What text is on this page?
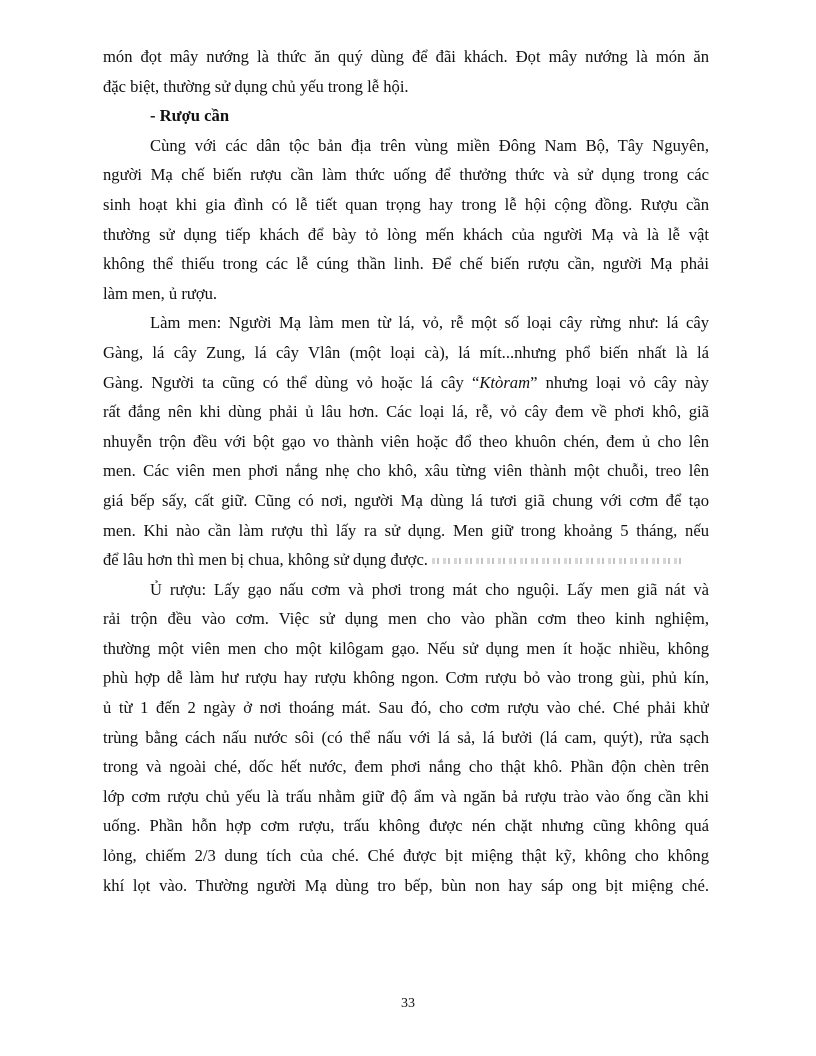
món đọt mây nướng là thức ăn quý dùng để đãi khách. Đọt mây nướng là món ăn
đặc biệt, thường sử dụng chủ yếu trong lễ hội.
- Rượu cần
Cùng với các dân tộc bản địa trên vùng miền Đông Nam Bộ, Tây Nguyên,
người Mạ chế biến rượu cần làm thức uống để thưởng thức và sử dụng trong các
sinh hoạt khi gia đình có lễ tiết quan trọng hay trong lễ hội cộng đồng. Rượu cần
thường sử dụng tiếp khách để bày tỏ lòng mến khách của người Mạ và là lễ vật
không thể thiếu trong các lễ cúng thần linh. Để chế biến rượu cần, người Mạ phải
làm men, ủ rượu.
Làm men: Người Mạ làm men từ lá, vỏ, rễ một số loại cây rừng như: lá cây
Gàng, lá cây Zung, lá cây Vlân (một loại cà), lá mít...nhưng phổ biến nhất là lá
Gàng. Người ta cũng có thể dùng vỏ hoặc lá cây “Ktòram” nhưng loại vỏ cây này
rất đắng nên khi dùng phải ủ lâu hơn. Các loại lá, rễ, vỏ cây đem về phơi khô, giã
nhuyễn trộn đều với bột gạo vo thành viên hoặc đổ theo khuôn chén, đem ủ cho lên
men. Các viên men phơi nắng nhẹ cho khô, xâu từng viên thành một chuỗi, treo lên
giá bếp sấy, cất giữ. Cũng có nơi, người Mạ dùng lá tươi giã chung với cơm để tạo
men. Khi nào cần làm rượu thì lấy ra sử dụng. Men giữ trong khoảng 5 tháng, nếu
để lâu hơn thì men bị chua, không sử dụng được.
Ủ rượu: Lấy gạo nấu cơm và phơi trong mát cho nguội. Lấy men giã nát và
rải trộn đều vào cơm. Việc sử dụng men cho vào phần cơm theo kinh nghiệm,
thường một viên men cho một kilôgam gạo. Nếu sử dụng men ít hoặc nhiều, không
phù hợp dễ làm hư rượu hay rượu không ngon. Cơm rượu bỏ vào trong gùi, phủ kín,
ủ từ 1 đến 2 ngày ở nơi thoáng mát. Sau đó, cho cơm rượu vào ché. Ché phải khử
trùng bằng cách nấu nước sôi (có thể nấu với lá sả, lá bưởi (lá cam, quýt), rửa sạch
trong và ngoài ché, dốc hết nước, đem phơi nắng cho thật khô. Phần độn chèn trên
lớp cơm rượu chủ yếu là trấu nhằm giữ độ ẩm và ngăn bả rượu trào vào ống cần khi
uống. Phần hỗn hợp cơm rượu, trấu không được nén chặt nhưng cũng không quá
lỏng, chiếm 2/3 dung tích của ché. Ché được bịt miệng thật kỹ, không cho không
khí lọt vào. Thường người Mạ dùng tro bếp, bùn non hay sáp ong bịt miệng ché.
33
